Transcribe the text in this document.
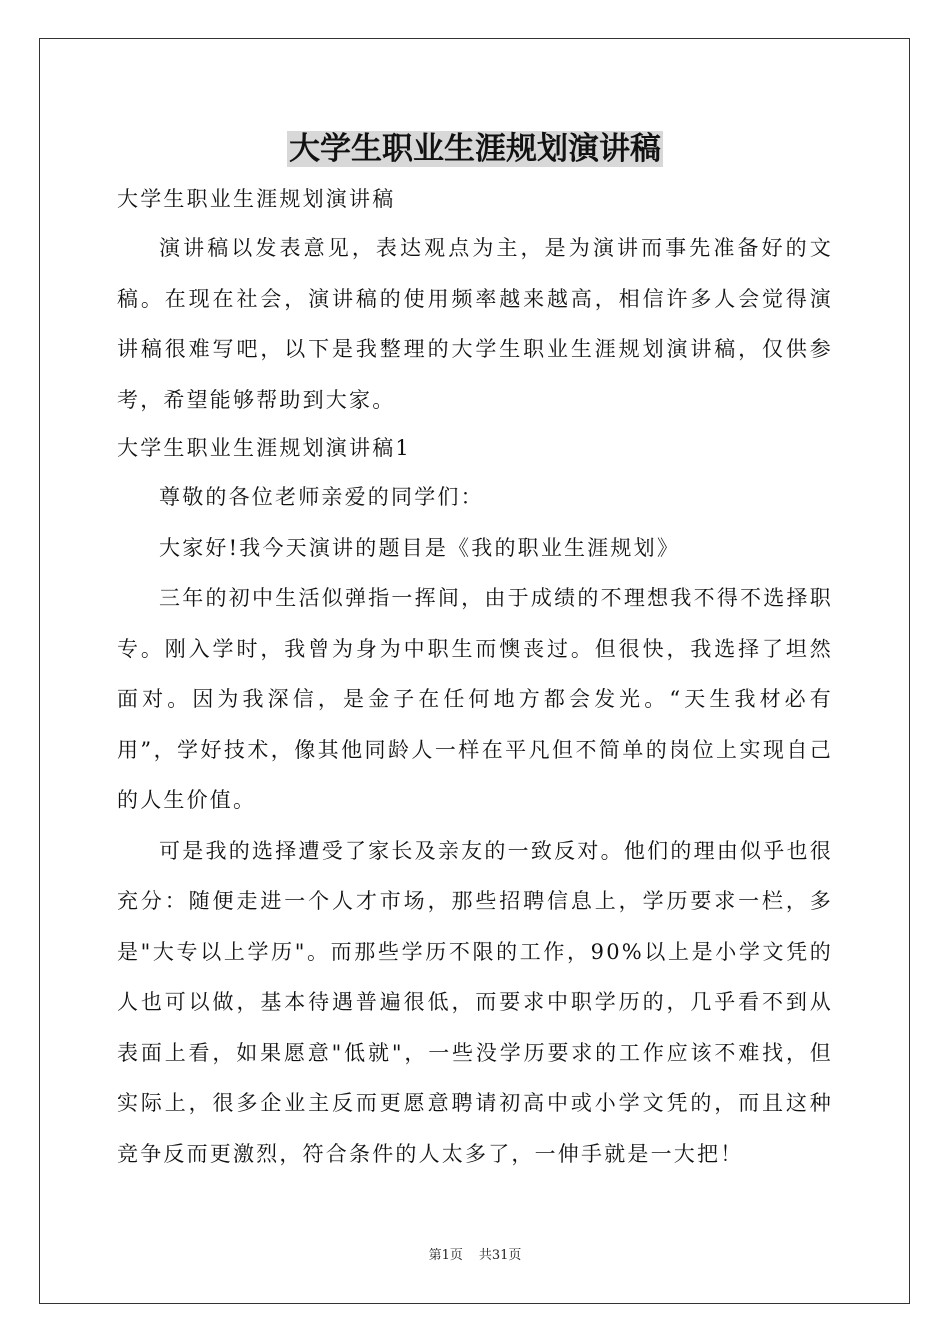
大学生职业生涯规划演讲稿

大学生职业生涯规划演讲稿

演讲稿以发表意见，表达观点为主，是为演讲而事先准备好的文稿。在现在社会，演讲稿的使用频率越来越高，相信许多人会觉得演讲稿很难写吧，以下是我整理的大学生职业生涯规划演讲稿，仅供参考，希望能够帮助到大家。

大学生职业生涯规划演讲稿1

尊敬的各位老师亲爱的同学们：

大家好!我今天演讲的题目是《我的职业生涯规划》

三年的初中生活似弹指一挥间，由于成绩的不理想我不得不选择职专。刚入学时，我曾为身为中职生而懊丧过。但很快，我选择了坦然面对。因为我深信，是金子在任何地方都会发光。“天生我材必有用”，学好技术，像其他同龄人一样在平凡但不简单的岗位上实现自己的人生价值。

可是我的选择遭受了家长及亲友的一致反对。他们的理由似乎也很充分：随便走进一个人才市场，那些招聘信息上，学历要求一栏，多是"大专以上学历"。而那些学历不限的工作，90%以上是小学文凭的人也可以做，基本待遇普遍很低，而要求中职学历的，几乎看不到从表面上看，如果愿意"低就"，一些没学历要求的工作应该不难找，但实际上，很多企业主反而更愿意聘请初高中或小学文凭的，而且这种竞争反而更激烈，符合条件的人太多了，一伸手就是一大把！

第1页 共31页
